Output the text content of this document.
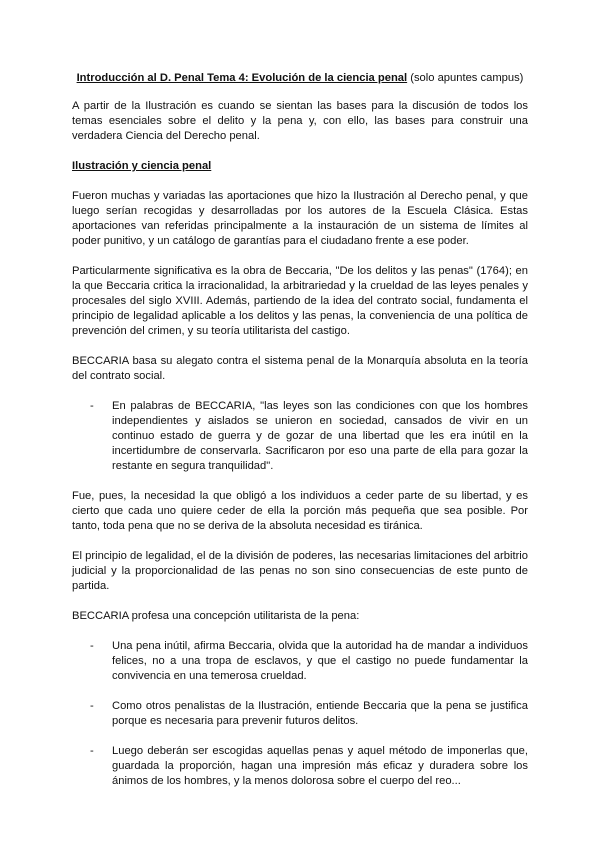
Introducción al D. Penal Tema 4: Evolución de la ciencia penal (solo apuntes campus)

A partir de la Ilustración es cuando se sientan las bases para la discusión de todos los temas esenciales sobre el delito y la pena y, con ello, las bases para construir una verdadera Ciencia del Derecho penal.

Ilustración y ciencia penal

Fueron muchas y variadas las aportaciones que hizo la Ilustración al Derecho penal, y que luego serían recogidas y desarrolladas por los autores de la Escuela Clásica. Estas aportaciones van referidas principalmente a la instauración de un sistema de límites al poder punitivo, y un catálogo de garantías para el ciudadano frente a ese poder.

Particularmente significativa es la obra de Beccaria, "De los delitos y las penas" (1764); en la que Beccaria critica la irracionalidad, la arbitrariedad y la crueldad de las leyes penales y procesales del siglo XVIII. Además, partiendo de la idea del contrato social, fundamenta el principio de legalidad aplicable a los delitos y las penas, la conveniencia de una política de prevención del crimen, y su teoría utilitarista del castigo.

BECCARIA basa su alegato contra el sistema penal de la Monarquía absoluta en la teoría del contrato social.

- En palabras de BECCARIA, "las leyes son las condiciones con que los hombres independientes y aislados se unieron en sociedad, cansados de vivir en un continuo estado de guerra y de gozar de una libertad que les era inútil en la incertidumbre de conservarla. Sacrificaron por eso una parte de ella para gozar la restante en segura tranquilidad".

Fue, pues, la necesidad la que obligó a los individuos a ceder parte de su libertad, y es cierto que cada uno quiere ceder de ella la porción más pequeña que sea posible. Por tanto, toda pena que no se deriva de la absoluta necesidad es tiránica.

El principio de legalidad, el de la división de poderes, las necesarias limitaciones del arbitrio judicial y la proporcionalidad de las penas no son sino consecuencias de este punto de partida.

BECCARIA profesa una concepción utilitarista de la pena:

- Una pena inútil, afirma Beccaria, olvida que la autoridad ha de mandar a individuos felices, no a una tropa de esclavos, y que el castigo no puede fundamentar la convivencia en una temerosa crueldad.
- Como otros penalistas de la Ilustración, entiende Beccaria que la pena se justifica porque es necesaria para prevenir futuros delitos.
- Luego deberán ser escogidas aquellas penas y aquel método de imponerlas que, guardada la proporción, hagan una impresión más eficaz y duradera sobre los ánimos de los hombres, y la menos dolorosa sobre el cuerpo del reo...
